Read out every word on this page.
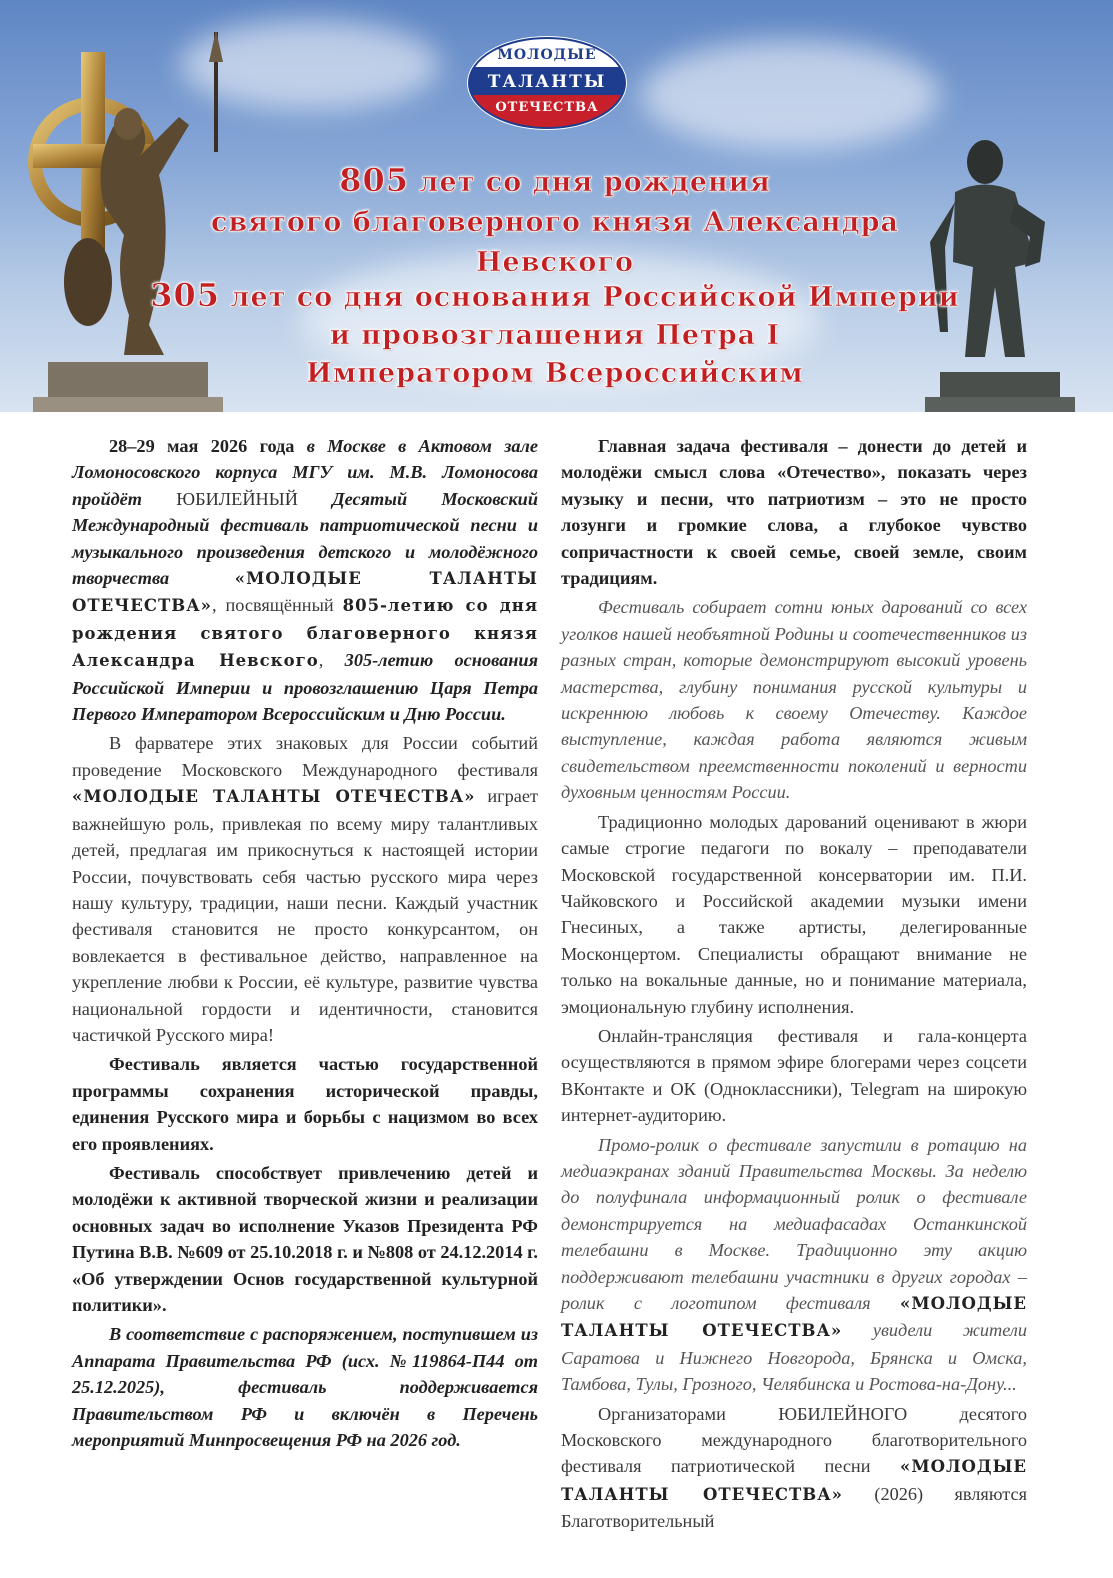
МОЛОДЫЕ
ТАЛАНТЫ
ОТЕЧЕСТВА
805 лет со дня рождения
святого благоверного князя Александра Невского
305 лет со дня основания Российской Империи
и провозглашения Петра I
Императором Всероссийским

28–29 мая 2026 года в Москве в Актовом зале Ломоносовского корпуса МГУ им. М.В. Ломоносова пройдёт ЮБИЛЕЙНЫЙ Десятый Московский Международный фестиваль патриотической песни и музыкального произведения детского и молодёжного творчества «МОЛОДЫЕ ТАЛАНТЫ ОТЕЧЕСТВА», посвящённый 805-летию со дня рождения святого благоверного князя Александра Невского, 305-летию основания Российской Империи и провозглашению Царя Петра Первого Императором Всероссийским и Дню России.

В фарватере этих знаковых для России событий проведение Московского Международного фестиваля «МОЛОДЫЕ ТАЛАНТЫ ОТЕЧЕСТВА» играет важнейшую роль, привлекая по всему миру талантливых детей, предлагая им прикоснуться к настоящей истории России, почувствовать себя частью русского мира через нашу культуру, традиции, наши песни. Каждый участник фестиваля становится не просто конкурсантом, он вовлекается в фестивальное действо, направленное на укрепление любви к России, её культуре, развитие чувства национальной гордости и идентичности, становится частичкой Русского мира!

Фестиваль является частью государственной программы сохранения исторической правды, единения Русского мира и борьбы с нацизмом во всех его проявлениях.

Фестиваль способствует привлечению детей и молодёжи к активной творческой жизни и реализации основных задач во исполнение Указов Президента РФ Путина В.В. №609 от 25.10.2018 г. и №808 от 24.12.2014 г. «Об утверждении Основ государственной культурной политики».

В соответствие с распоряжением, поступившем из Аппарата Правительства РФ (исх. №119864-П44 от 25.12.2025), фестиваль поддерживается Правительством РФ и включён в Перечень мероприятий Минпросвещения РФ на 2026 год.

Главная задача фестиваля – донести до детей и молодёжи смысл слова «Отечество», показать через музыку и песни, что патриотизм – это не просто лозунги и громкие слова, а глубокое чувство сопричастности к своей семье, своей земле, своим традициям.

Фестиваль собирает сотни юных дарований со всех уголков нашей необъятной Родины и соотечественников из разных стран, которые демонстрируют высокий уровень мастерства, глубину понимания русской культуры и искреннюю любовь к своему Отечеству. Каждое выступление, каждая работа являются живым свидетельством преемственности поколений и верности духовным ценностям России.

Традиционно молодых дарований оценивают в жюри самые строгие педагоги по вокалу – преподаватели Московской государственной консерватории им. П.И. Чайковского и Российской академии музыки имени Гнесиных, а также артисты, делегированные Москонцертом. Специалисты обращают внимание не только на вокальные данные, но и понимание материала, эмоциональную глубину исполнения.

Онлайн-трансляция фестиваля и гала-концерта осуществляются в прямом эфире блогерами через соцсети ВКонтакте и ОК (Одноклассники), Telegram на широкую интернет-аудиторию.

Промо-ролик о фестивале запустили в ротацию на медиаэкранах зданий Правительства Москвы. За неделю до полуфинала информационный ролик о фестивале демонстрируется на медиафасадах Останкинской телебашни в Москве. Традиционно эту акцию поддерживают телебашни участники в других городах – ролик с логотипом фестиваля «МОЛОДЫЕ ТАЛАНТЫ ОТЕЧЕСТВА» увидели жители Саратова и Нижнего Новгорода, Брянска и Омска, Тамбова, Тулы, Грозного, Челябинска и Ростова-на-Дону...

Организаторами ЮБИЛЕЙНОГО десятого Московского международного благотворительного фестиваля патриотической песни «МОЛОДЫЕ ТАЛАНТЫ ОТЕЧЕСТВА» (2026) являются Благотворительный
